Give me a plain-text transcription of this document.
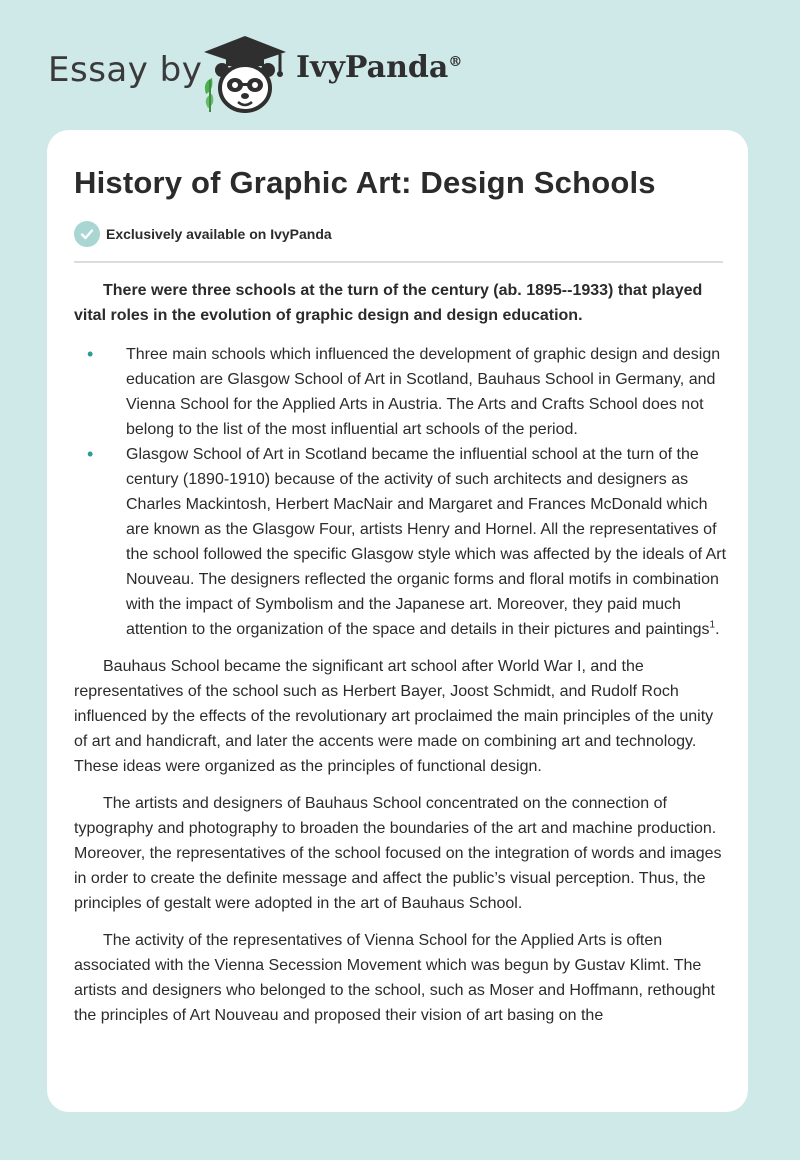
Essay by	IvyPanda®
History of Graphic Art: Design Schools
Exclusively available on IvyPanda

There were three schools at the turn of the century (ab. 1895--1933) that played vital roles in the evolution of graphic design and design education.

• Three main schools which influenced the development of graphic design and design education are Glasgow School of Art in Scotland, Bauhaus School in Germany, and Vienna School for the Applied Arts in Austria. The Arts and Crafts School does not belong to the list of the most influential art schools of the period.
• Glasgow School of Art in Scotland became the influential school at the turn of the century (1890-1910) because of the activity of such architects and designers as Charles Mackintosh, Herbert MacNair and Margaret and Frances McDonald which are known as the Glasgow Four, artists Henry and Hornel. All the representatives of the school followed the specific Glasgow style which was affected by the ideals of Art Nouveau. The designers reflected the organic forms and floral motifs in combination with the impact of Symbolism and the Japanese art. Moreover, they paid much attention to the organization of the space and details in their pictures and paintings$^1$.

Bauhaus School became the significant art school after World War I, and the representatives of the school such as Herbert Bayer, Joost Schmidt, and Rudolf Roch influenced by the effects of the revolutionary art proclaimed the main principles of the unity of art and handicraft, and later the accents were made on combining art and technology. These ideas were organized as the principles of functional design.

The artists and designers of Bauhaus School concentrated on the connection of typography and photography to broaden the boundaries of the art and machine production. Moreover, the representatives of the school focused on the integration of words and images in order to create the definite message and affect the public’s visual perception. Thus, the principles of gestalt were adopted in the art of Bauhaus School.

The activity of the representatives of Vienna School for the Applied Arts is often associated with the Vienna Secession Movement which was begun by Gustav Klimt. The artists and designers who belonged to the school, such as Moser and Hoffmann, rethought the principles of Art Nouveau and proposed their vision of art basing on the
